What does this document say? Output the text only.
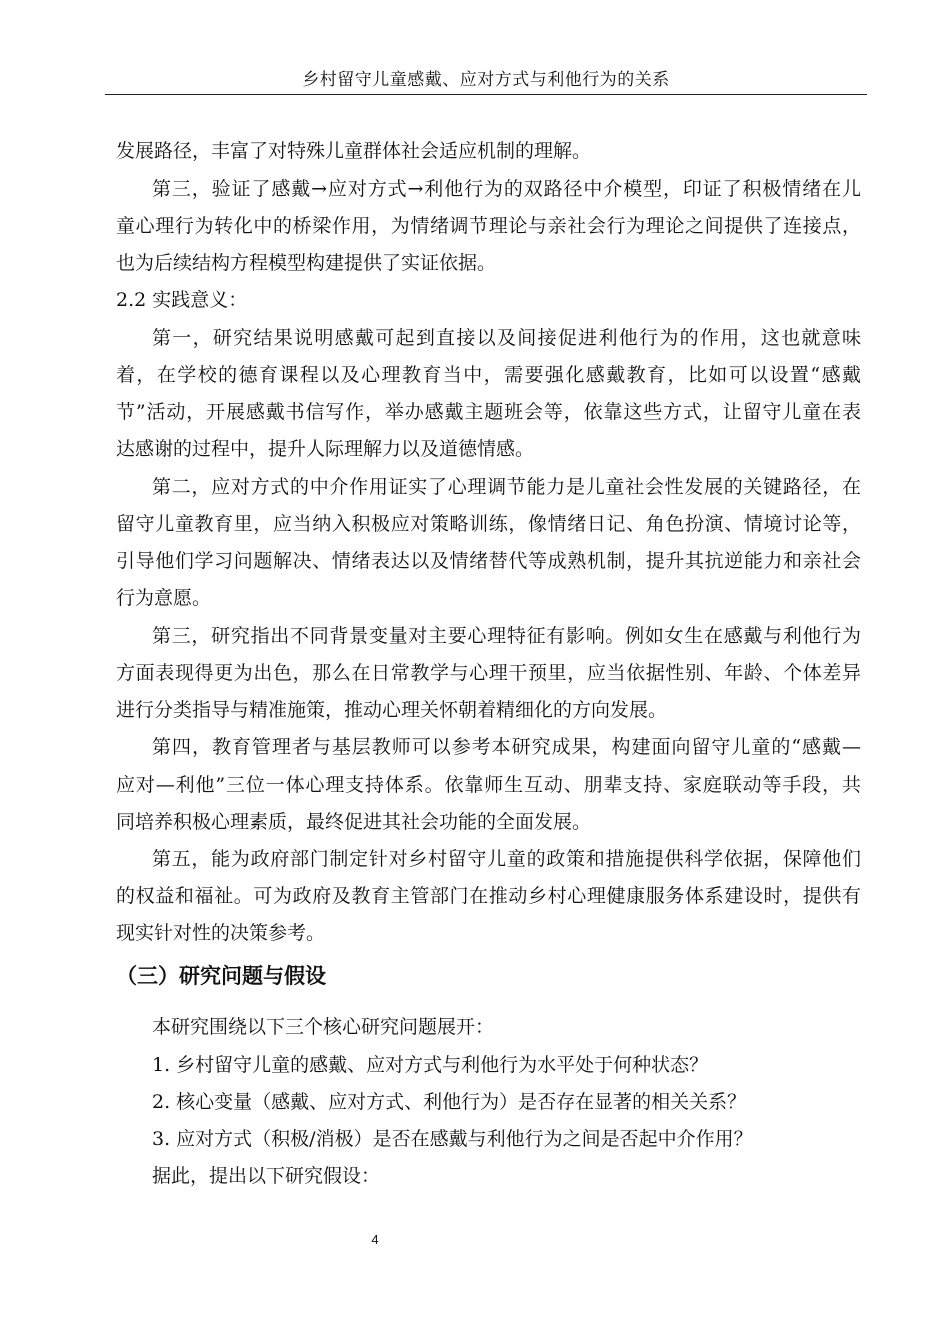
乡村留守儿童感戴、应对方式与利他行为的关系
发展路径，丰富了对特殊儿童群体社会适应机制的理解。
第三，验证了感戴→应对方式→利他行为的双路径中介模型，印证了积极情绪在儿
童心理行为转化中的桥梁作用，为情绪调节理论与亲社会行为理论之间提供了连接点，
也为后续结构方程模型构建提供了实证依据。
2.2 实践意义：
第一，研究结果说明感戴可起到直接以及间接促进利他行为的作用，这也就意味
着，在学校的德育课程以及心理教育当中，需要强化感戴教育，比如可以设置“感戴
节”活动，开展感戴书信写作，举办感戴主题班会等，依靠这些方式，让留守儿童在表
达感谢的过程中，提升人际理解力以及道德情感。
第二，应对方式的中介作用证实了心理调节能力是儿童社会性发展的关键路径，在
留守儿童教育里，应当纳入积极应对策略训练，像情绪日记、角色扮演、情境讨论等，
引导他们学习问题解决、情绪表达以及情绪替代等成熟机制，提升其抗逆能力和亲社会
行为意愿。
第三，研究指出不同背景变量对主要心理特征有影响。例如女生在感戴与利他行为
方面表现得更为出色，那么在日常教学与心理干预里，应当依据性别、年龄、个体差异
进行分类指导与精准施策，推动心理关怀朝着精细化的方向发展。
第四，教育管理者与基层教师可以参考本研究成果，构建面向留守儿童的“感戴—
应对—利他”三位一体心理支持体系。依靠师生互动、朋辈支持、家庭联动等手段，共
同培养积极心理素质，最终促进其社会功能的全面发展。
第五，能为政府部门制定针对乡村留守儿童的政策和措施提供科学依据，保障他们
的权益和福祉。可为政府及教育主管部门在推动乡村心理健康服务体系建设时，提供有
现实针对性的决策参考。
（三）研究问题与假设
本研究围绕以下三个核心研究问题展开：
1. 乡村留守儿童的感戴、应对方式与利他行为水平处于何种状态？
2. 核心变量（感戴、应对方式、利他行为）是否存在显著的相关关系？
3. 应对方式（积极/消极）是否在感戴与利他行为之间是否起中介作用？
据此，提出以下研究假设：
4
